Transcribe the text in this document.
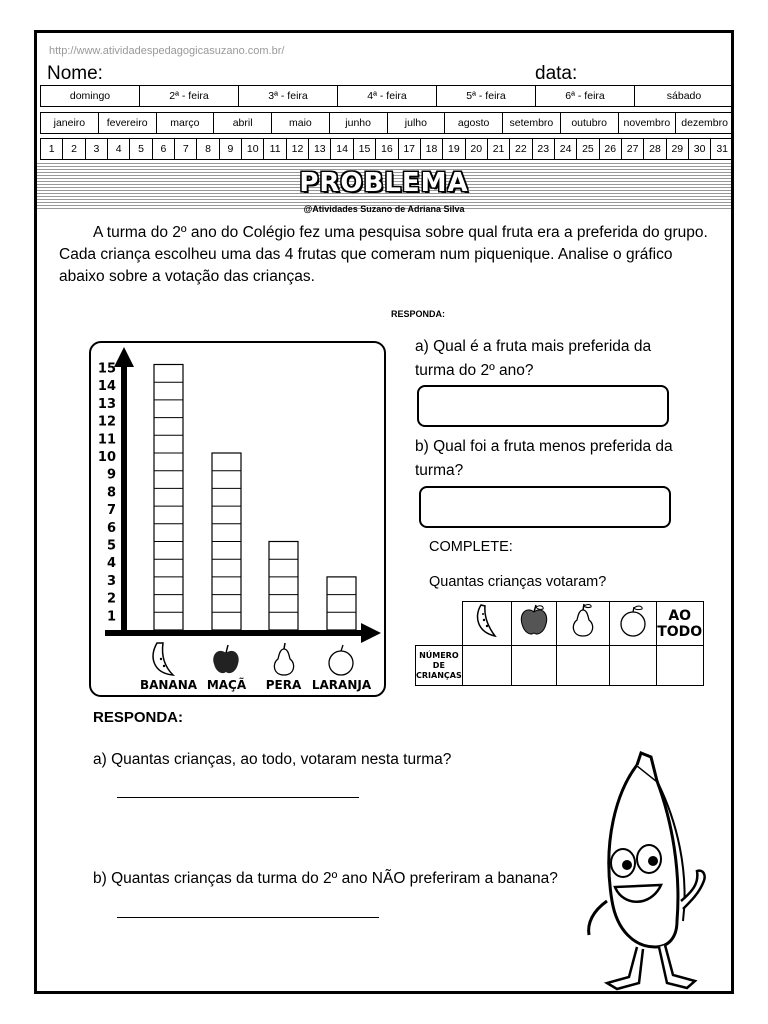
http://www.atividadespedagogicasuzano.com.br/
Nome:	data:
domingo	2ª - feira	3ª - feira	4ª - feira	5ª - feira	6ª - feira	sábado
janeiro	fevereiro	março	abril	maio	junho	julho	agosto	setembro	outubro	novembro	dezembro
1	2	3	4	5	6	7	8	9	10	11	12	13	14	15	16	17	18	19	20	21	22	23	24	25	26	27	28	29	30	31
PROBLEMA
@Atividades Suzano de Adriana Silva
A turma do 2º ano do Colégio fez uma pesquisa sobre qual fruta era a preferida do grupo. Cada criança escolheu uma das 4 frutas que comeram num piquenique. Analise o gráfico abaixo sobre a votação das crianças.
RESPONDA:
1
2
3
4
5
6
7
8
9
10
11
12
13
14
15
BANANA MAÇÃ PERA LARANJA
a) Qual é a fruta mais preferida da turma do 2º ano?
b) Qual foi a fruta menos preferida da turma?
COMPLETE:
Quantas crianças votaram?
					AO TODO
NÚMERO DE CRIANÇAS					
RESPONDA:
a) Quantas crianças, ao todo, votaram nesta turma?
b) Quantas crianças da turma do 2º ano NÃO preferiram a banana?
